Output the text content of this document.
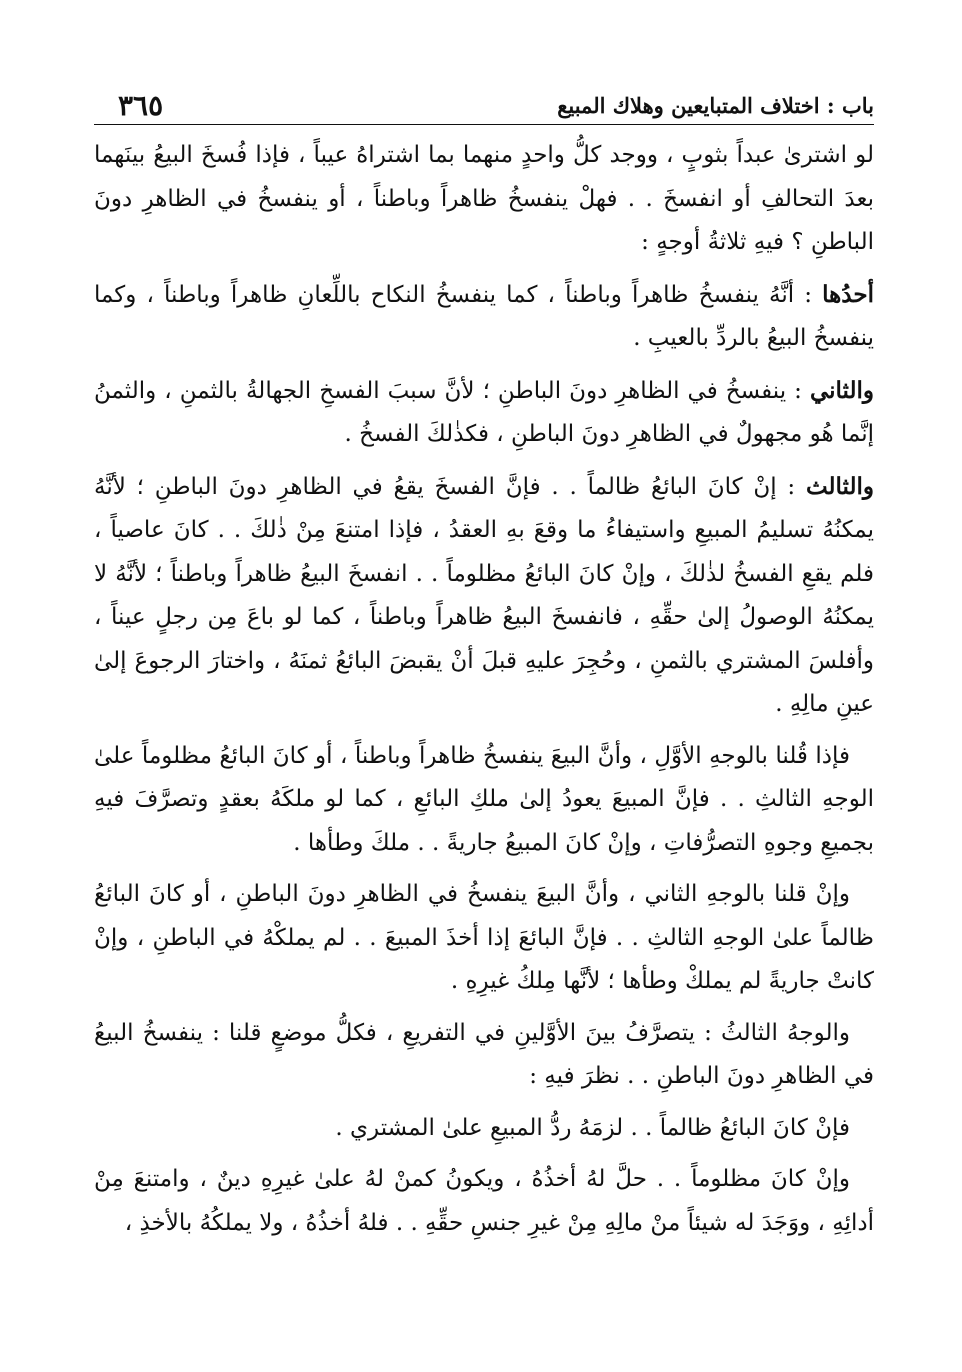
باب : اختلاف المتبايعين وهلاك المبيع
٣٦٥

لو اشترىٰ عبداً بثوبٍ ، ووجد كلُّ واحدٍ منهما بما اشتراهُ عيباً ، فإذا فُسخَ البيعُ بينَهما بعدَ التحالفِ أو انفسخَ . . فهلْ ينفسخُ ظاهراً وباطناً ، أو ينفسخُ في الظاهرِ دونَ الباطنِ ؟ فيهِ ثلاثةُ أوجهٍ :

أحدُها : أنَّهُ ينفسخُ ظاهراً وباطناً ، كما ينفسخُ النكاح باللِّعانِ ظاهراً وباطناً ، وكما ينفسخُ البيعُ بالردِّ بالعيبِ .

والثاني : ينفسخُ في الظاهرِ دونَ الباطنِ ؛ لأنَّ سببَ الفسخِ الجهالةُ بالثمنِ ، والثمنُ إنَّما هُو مجهولٌ في الظاهرِ دونَ الباطنِ ، فكذٰلكَ الفسخُ .

والثالث : إنْ كانَ البائعُ ظالماً . . فإنَّ الفسخَ يقعُ في الظاهرِ دونَ الباطنِ ؛ لأنَّهُ يمكنُهُ تسليمُ المبيعِ واستيفاءُ ما وقعَ بهِ العقدُ ، فإذا امتنعَ مِنْ ذٰلكَ . . كانَ عاصياً ، فلم يقعِ الفسخُ لذٰلكَ ، وإنْ كانَ البائعُ مظلوماً . . انفسخَ البيعُ ظاهراً وباطناً ؛ لأنَّهُ لا يمكنُهُ الوصولُ إلىٰ حقِّهِ ، فانفسخَ البيعُ ظاهراً وباطناً ، كما لو باعَ مِن رجلٍ عيناً ، وأفلسَ المشتري بالثمنِ ، وحُجِرَ عليهِ قبلَ أنْ يقبضَ البائعُ ثمنَهُ ، واختارَ الرجوعَ إلىٰ عينِ مالِهِ .

فإذا قُلنا بالوجهِ الأوَّلِ ، وأنَّ البيعَ ينفسخُ ظاهراً وباطناً ، أو كانَ البائعُ مظلوماً علىٰ الوجهِ الثالثِ . . فإنَّ المبيعَ يعودُ إلىٰ ملكِ البائعِ ، كما لو ملكَهُ بعقدٍ وتصرَّفَ فيهِ بجميعِ وجوهِ التصرُّفاتِ ، وإنْ كانَ المبيعُ جاريةً . . ملكَ وطأها .

وإنْ قلنا بالوجهِ الثاني ، وأنَّ البيعَ ينفسخُ في الظاهرِ دونَ الباطنِ ، أو كانَ البائعُ ظالماً علىٰ الوجهِ الثالثِ . . فإنَّ البائعَ إذا أخذَ المبيعَ . . لم يملكْهُ في الباطنِ ، وإنْ كانتْ جاريةً لم يملكْ وطأها ؛ لأنَّها مِلكُ غيرِهِ .

والوجهُ الثالثُ : يتصرَّفُ بينَ الأوَّلينِ في التفريعِ ، فكلُّ موضعٍ قلنا : ينفسخُ البيعُ في الظاهرِ دونَ الباطنِ . . نظرَ فيهِ :

فإنْ كانَ البائعُ ظالماً . . لزمَهُ ردُّ المبيعِ علىٰ المشتري .

وإنْ كانَ مظلوماً . . حلَّ لهُ أخذُهُ ، ويكونُ كمنْ لهُ علىٰ غيرِهِ دينٌ ، وامتنعَ مِنْ أدائِهِ ، ووَجَدَ له شيئاً منْ مالِهِ مِنْ غيرِ جنسِ حقِّهِ . . فلهُ أخذُهُ ، ولا يملكُهُ بالأخذِ ،
